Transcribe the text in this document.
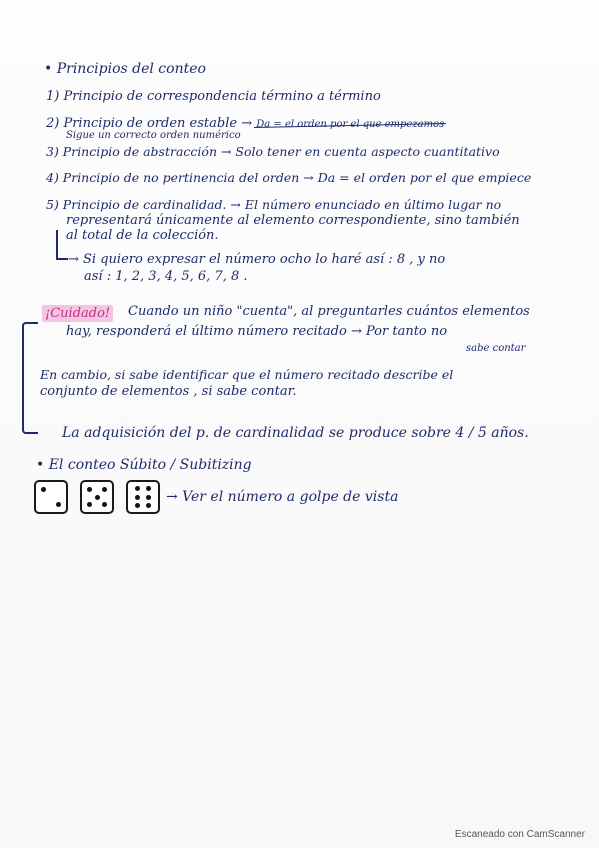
• Principios del conteo
1) Principio de correspondencia término a término
2) Principio de orden estable → Da = el orden por el que empezamos
Sigue un correcto orden numérico
3) Principio de abstracción → Solo tener en cuenta aspecto cuantitativo
4) Principio de no pertinencia del orden → Da = el orden por el que empiece
5) Principio de cardinalidad. → El número enunciado en último lugar no
representará únicamente al elemento correspondiente, sino también
al total de la colección.
→ Si quiero expresar el número ocho lo haré así : 8 , y no
así : 1, 2, 3, 4, 5, 6, 7, 8 .
¡Cuidado! Cuando un niño "cuenta", al preguntarles cuántos elementos
hay, responderá el último número recitado → Por tanto no
sabe contar
En cambio, si sabe identificar que el número recitado describe el
conjunto de elementos , si sabe contar.
La adquisición del p. de cardinalidad se produce sobre 4 / 5 años.
• El conteo Súbito / Subitizing
→ Ver el número a golpe de vista
Escaneado con CamScanner
